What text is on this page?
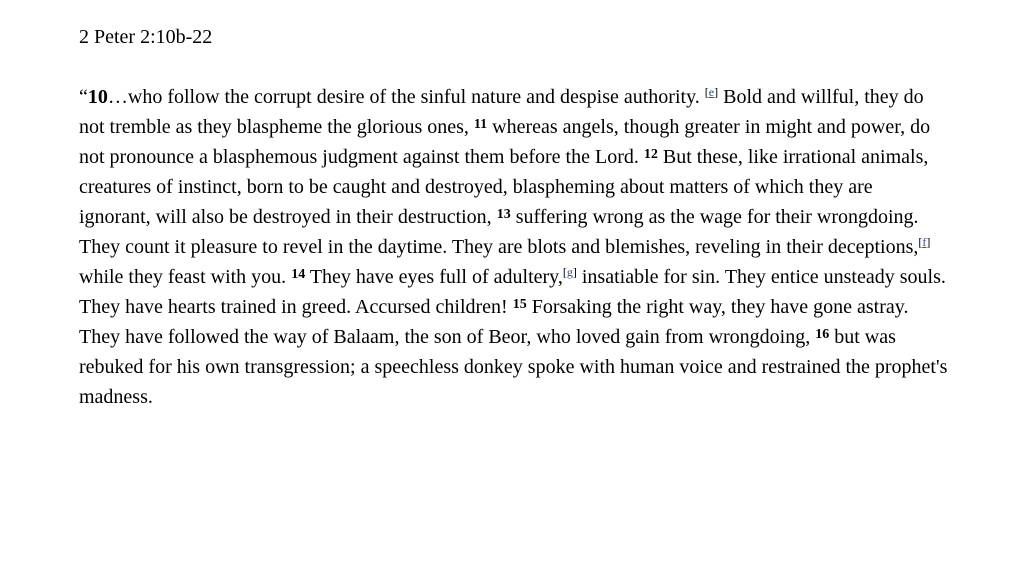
2 Peter 2:10b-22

“10…who follow the corrupt desire of the sinful nature and despise authority. [e] Bold and willful, they do not tremble as they blaspheme the glorious ones, $^{11}$ whereas angels, though greater in might and power, do not pronounce a blasphemous judgment against them before the Lord. $^{12}$ But these, like irrational animals, creatures of instinct, born to be caught and destroyed, blaspheming about matters of which they are ignorant, will also be destroyed in their destruction, $^{13}$ suffering wrong as the wage for their wrongdoing. They count it pleasure to revel in the daytime. They are blots and blemishes, reveling in their deceptions,[f] while they feast with you. $^{14}$ They have eyes full of adultery,[g] insatiable for sin. They entice unsteady souls. They have hearts trained in greed. Accursed children! $^{15}$ Forsaking the right way, they have gone astray. They have followed the way of Balaam, the son of Beor, who loved gain from wrongdoing, $^{16}$ but was rebuked for his own transgression; a speechless donkey spoke with human voice and restrained the prophet's madness.
